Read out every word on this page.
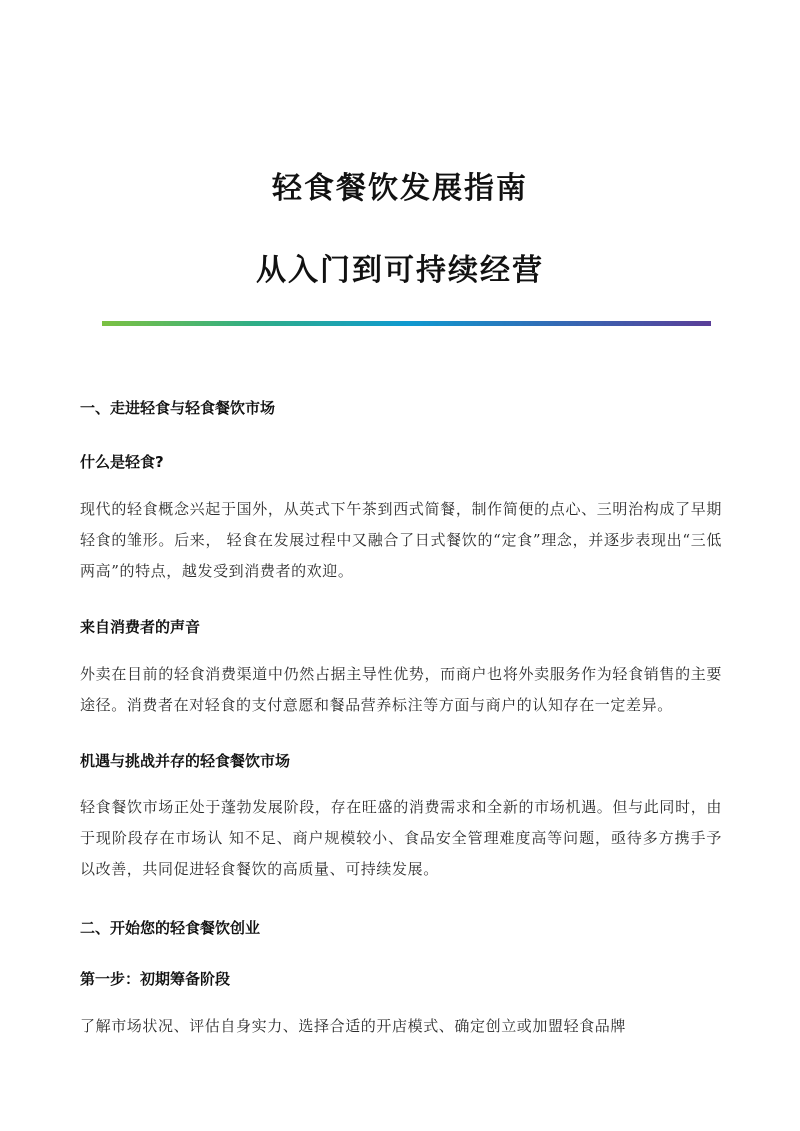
轻食餐饮发展指南
从入门到可持续经营
一、走进轻食与轻食餐饮市场
什么是轻食?

现代的轻食概念兴起于国外，从英式下午茶到西式简餐，制作简便的点心、三明治构成了早期轻食的雏形。后来， 轻食在发展过程中又融合了日式餐饮的“定食”理念，并逐步表现出“三低两高”的特点，越发受到消费者的欢迎。

来自消费者的声音

外卖在目前的轻食消费渠道中仍然占据主导性优势，而商户也将外卖服务作为轻食销售的主要途径。消费者在对轻食的支付意愿和餐品营养标注等方面与商户的认知存在一定差异。

机遇与挑战并存的轻食餐饮市场

轻食餐饮市场正处于蓬勃发展阶段，存在旺盛的消费需求和全新的市场机遇。但与此同时，由于现阶段存在市场认 知不足、商户规模较小、食品安全管理难度高等问题，亟待多方携手予以改善，共同促进轻食餐饮的高质量、可持续发展。

二、开始您的轻食餐饮创业
第一步：初期筹备阶段

了解市场状况、评估自身实力、选择合适的开店模式、确定创立或加盟轻食品牌
